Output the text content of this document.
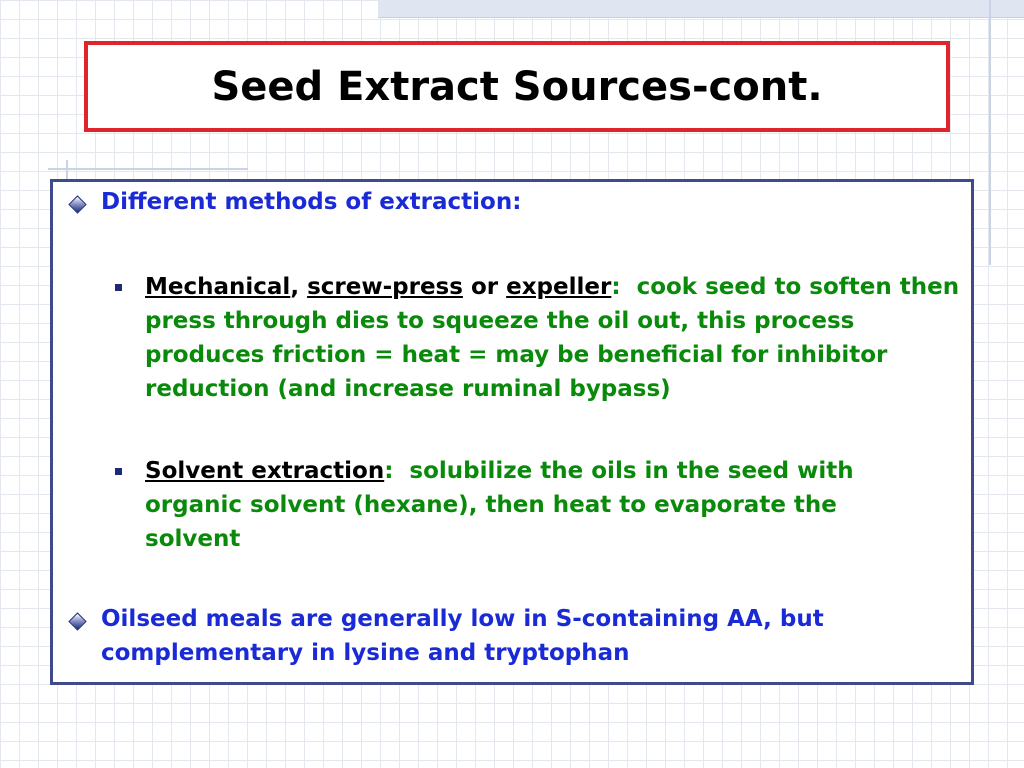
Seed Extract Sources-cont.
Different methods of extraction:
Mechanical, screw-press or expeller: cook seed to soften then press through dies to squeeze the oil out, this process produces friction = heat = may be beneficial for inhibitor reduction (and increase ruminal bypass)
Solvent extraction: solubilize the oils in the seed with organic solvent (hexane), then heat to evaporate the solvent
Oilseed meals are generally low in S-containing AA, but complementary in lysine and tryptophan
